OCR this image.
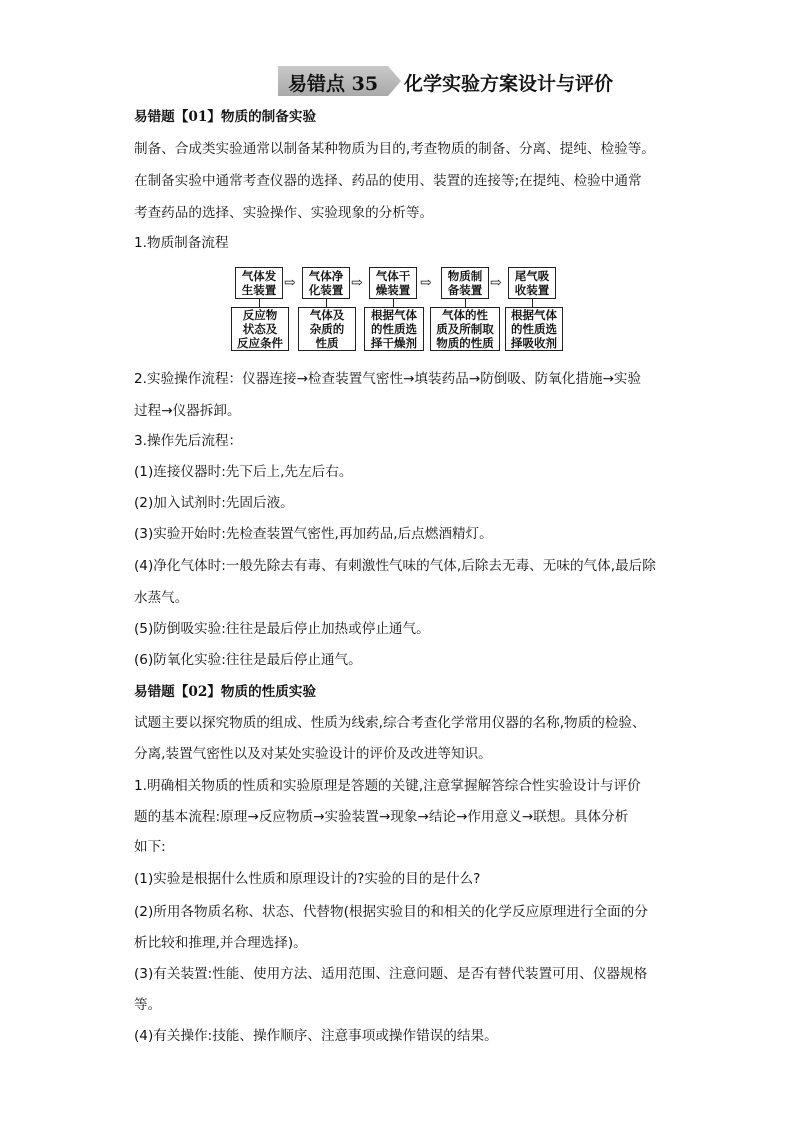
易错点 35 化学实验方案设计与评价
易错题【01】物质的制备实验
制备、合成类实验通常以制备某种物质为目的,考查物质的制备、分离、提纯、检验等。
在制备实验中通常考查仪器的选择、药品的使用、装置的连接等;在提纯、检验中通常
考查药品的选择、实验操作、实验现象的分析等。
1.物质制备流程
气体发
生装置
气体净
化装置
气体干
燥装置
物质制
备装置
尾气吸
收装置
⇨	⇨	⇨	⇨
反应物
状态及
反应条件
气体及
杂质的
性质
根据气体
的性质选
择干燥剂
气体的性
质及所制取
物质的性质
根据气体
的性质选
择吸收剂
2.实验操作流程：仪器连接→检查装置气密性→填装药品→防倒吸、防氧化措施→实验
过程→仪器拆卸。
3.操作先后流程：
(1)连接仪器时:先下后上,先左后右。
(2)加入试剂时:先固后液。
(3)实验开始时:先检查装置气密性,再加药品,后点燃酒精灯。
(4)净化气体时:一般先除去有毒、有刺激性气味的气体,后除去无毒、无味的气体,最后除
水蒸气。
(5)防倒吸实验:往往是最后停止加热或停止通气。
(6)防氧化实验:往往是最后停止通气。
易错题【02】物质的性质实验
试题主要以探究物质的组成、性质为线索,综合考查化学常用仪器的名称,物质的检验、
分离,装置气密性以及对某处实验设计的评价及改进等知识。
1.明确相关物质的性质和实验原理是答题的关键,注意掌握解答综合性实验设计与评价
题的基本流程:原理→反应物质→实验装置→现象→结论→作用意义→联想。具体分析
如下:
(1)实验是根据什么性质和原理设计的?实验的目的是什么?
(2)所用各物质名称、状态、代替物(根据实验目的和相关的化学反应原理进行全面的分
析比较和推理,并合理选择)。
(3)有关装置:性能、使用方法、适用范围、注意问题、是否有替代装置可用、仪器规格
等。
(4)有关操作:技能、操作顺序、注意事项或操作错误的结果。
